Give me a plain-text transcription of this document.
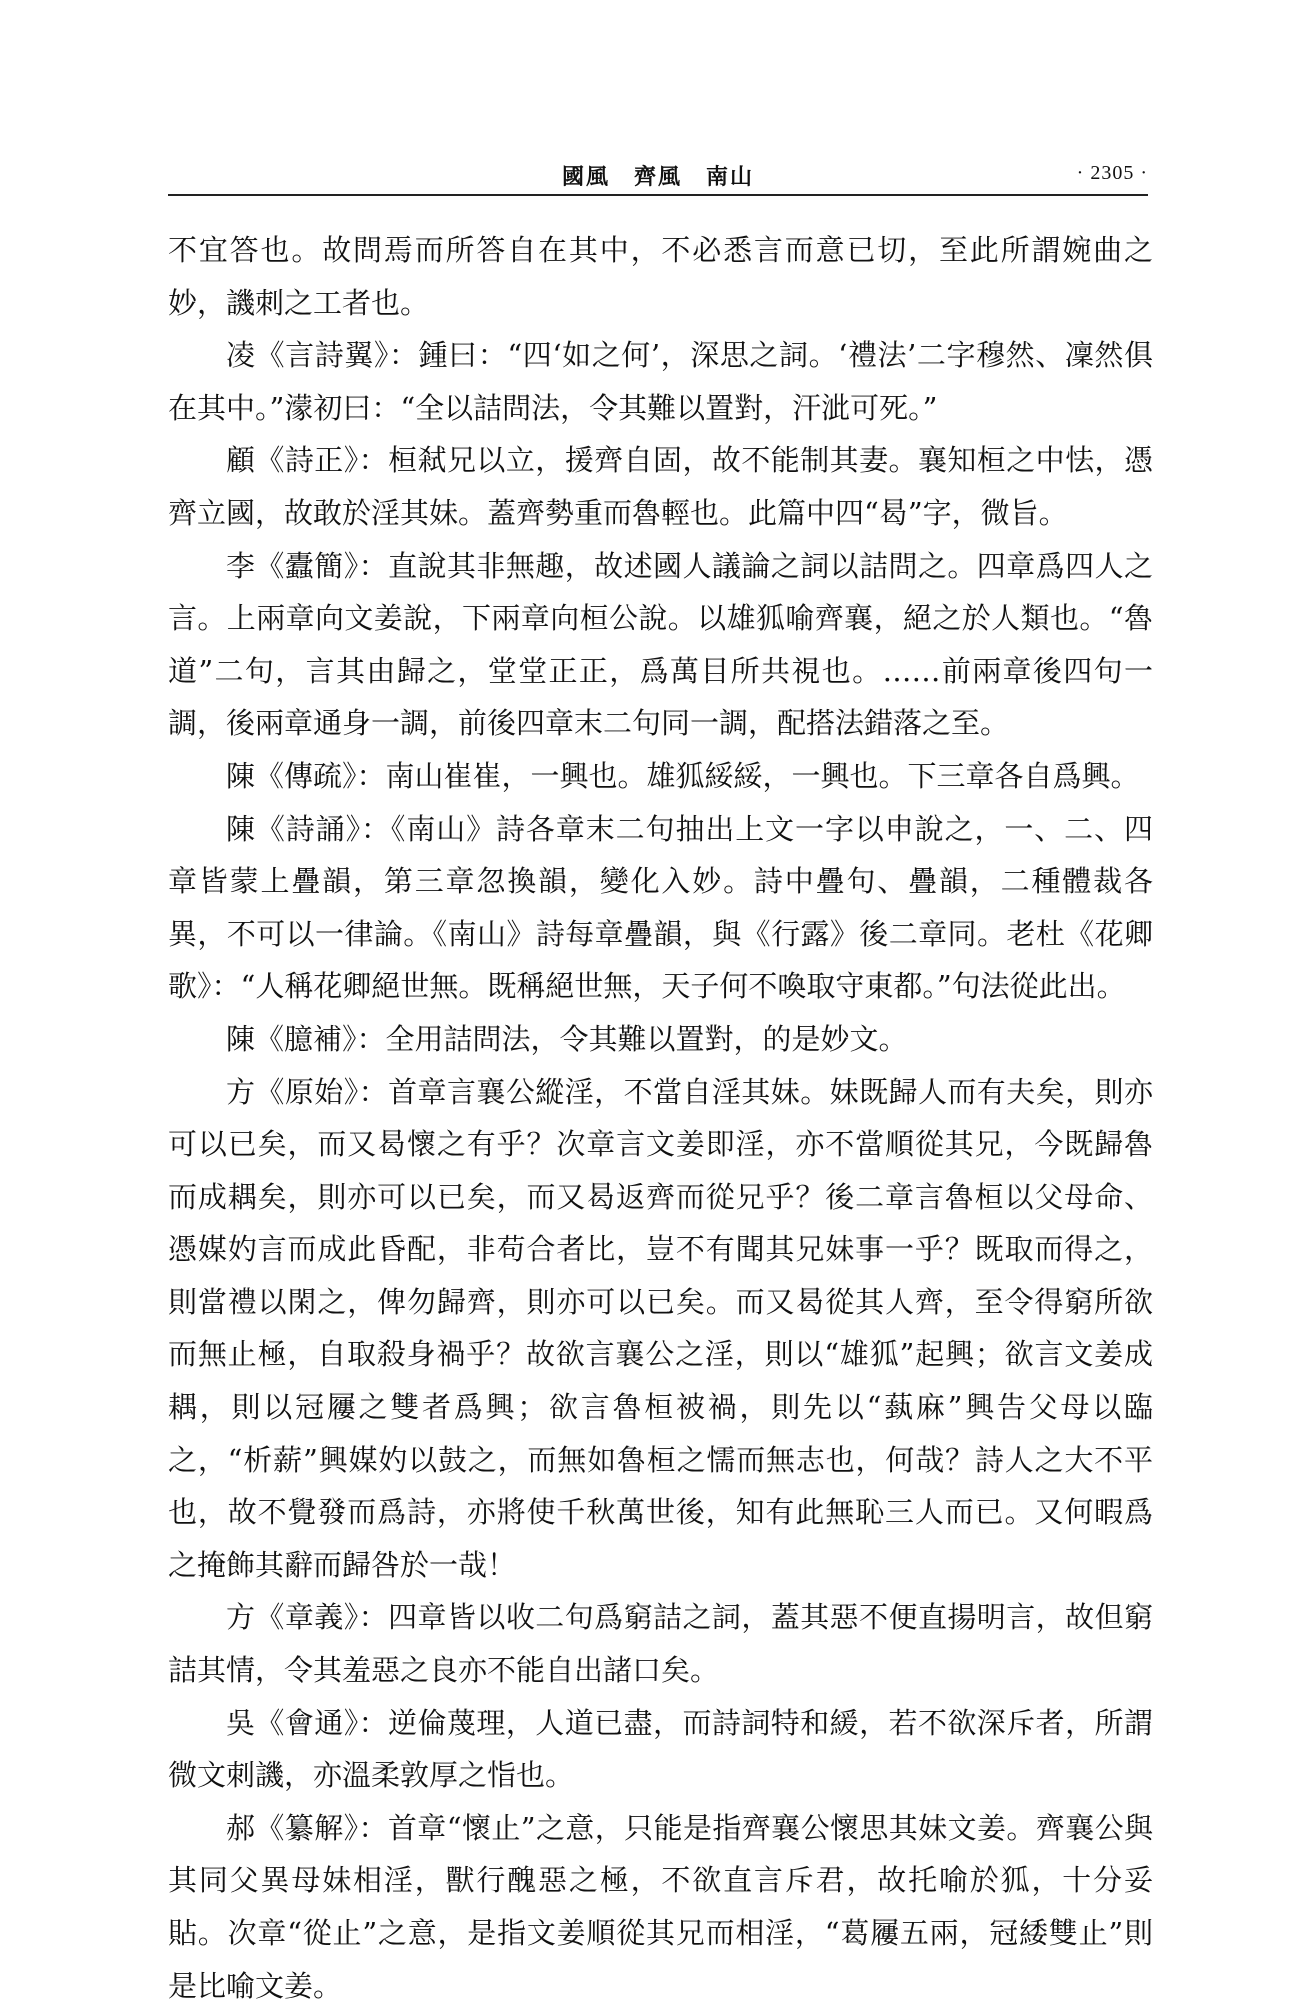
國風　齊風　南山	· 2305 ·

不宜答也。故問焉而所答自在其中，不必悉言而意已切，至此所謂婉曲之妙，譏刺之工者也。

凌《言詩翼》：鍾曰：“四‘如之何’，深思之詞。‘禮法’二字穆然、凜然俱在其中。”濛初曰：“全以詰問法，令其難以置對，汗泚可死。”

顧《詩正》：桓弒兄以立，援齊自固，故不能制其妻。襄知桓之中怯，憑齊立國，故敢於淫其妹。蓋齊勢重而魯輕也。此篇中四“曷”字，微旨。

李《蠹簡》：直說其非無趣，故述國人議論之詞以詰問之。四章爲四人之言。上兩章向文姜說，下兩章向桓公說。以雄狐喻齊襄，絕之於人類也。“魯道”二句，言其由歸之，堂堂正正，爲萬目所共視也。……前兩章後四句一調，後兩章通身一調，前後四章末二句同一調，配搭法錯落之至。

陳《傳疏》：南山崔崔，一興也。雄狐綏綏，一興也。下三章各自爲興。

陳《詩誦》：《南山》詩各章末二句抽出上文一字以申說之，一、二、四章皆蒙上疊韻，第三章忽換韻，變化入妙。詩中疊句、疊韻，二種體裁各異，不可以一律論。《南山》詩每章疊韻，與《行露》後二章同。老杜《花卿歌》：“人稱花卿絕世無。既稱絕世無，天子何不喚取守東都。”句法從此出。

陳《臆補》：全用詰問法，令其難以置對，的是妙文。

方《原始》：首章言襄公縱淫，不當自淫其妹。妹既歸人而有夫矣，則亦可以已矣，而又曷懷之有乎？次章言文姜即淫，亦不當順從其兄，今既歸魯而成耦矣，則亦可以已矣，而又曷返齊而從兄乎？後二章言魯桓以父母命、憑媒妁言而成此昏配，非苟合者比，豈不有聞其兄妹事一乎？既取而得之，則當禮以閑之，俾勿歸齊，則亦可以已矣。而又曷從其人齊，至令得窮所欲而無止極，自取殺身禍乎？故欲言襄公之淫，則以“雄狐”起興；欲言文姜成耦，則以冠屨之雙者爲興；欲言魯桓被禍，則先以“蓺麻”興告父母以臨之，“析薪”興媒妁以鼓之，而無如魯桓之懦而無志也，何哉？詩人之大不平也，故不覺發而爲詩，亦將使千秋萬世後，知有此無恥三人而已。又何暇爲之掩飾其辭而歸咎於一哉！

方《章義》：四章皆以收二句爲窮詰之詞，蓋其惡不便直揚明言，故但窮詰其情，令其羞惡之良亦不能自出諸口矣。

吳《會通》：逆倫蔑理，人道已盡，而詩詞特和緩，若不欲深斥者，所謂微文刺譏，亦溫柔敦厚之恉也。

郝《纂解》：首章“懷止”之意，只能是指齊襄公懷思其妹文姜。齊襄公與其同父異母妹相淫，獸行醜惡之極，不欲直言斥君，故托喻於狐，十分妥貼。次章“從止”之意，是指文姜順從其兄而相淫，“葛屨五兩，冠緌雙止”則是比喻文姜。
